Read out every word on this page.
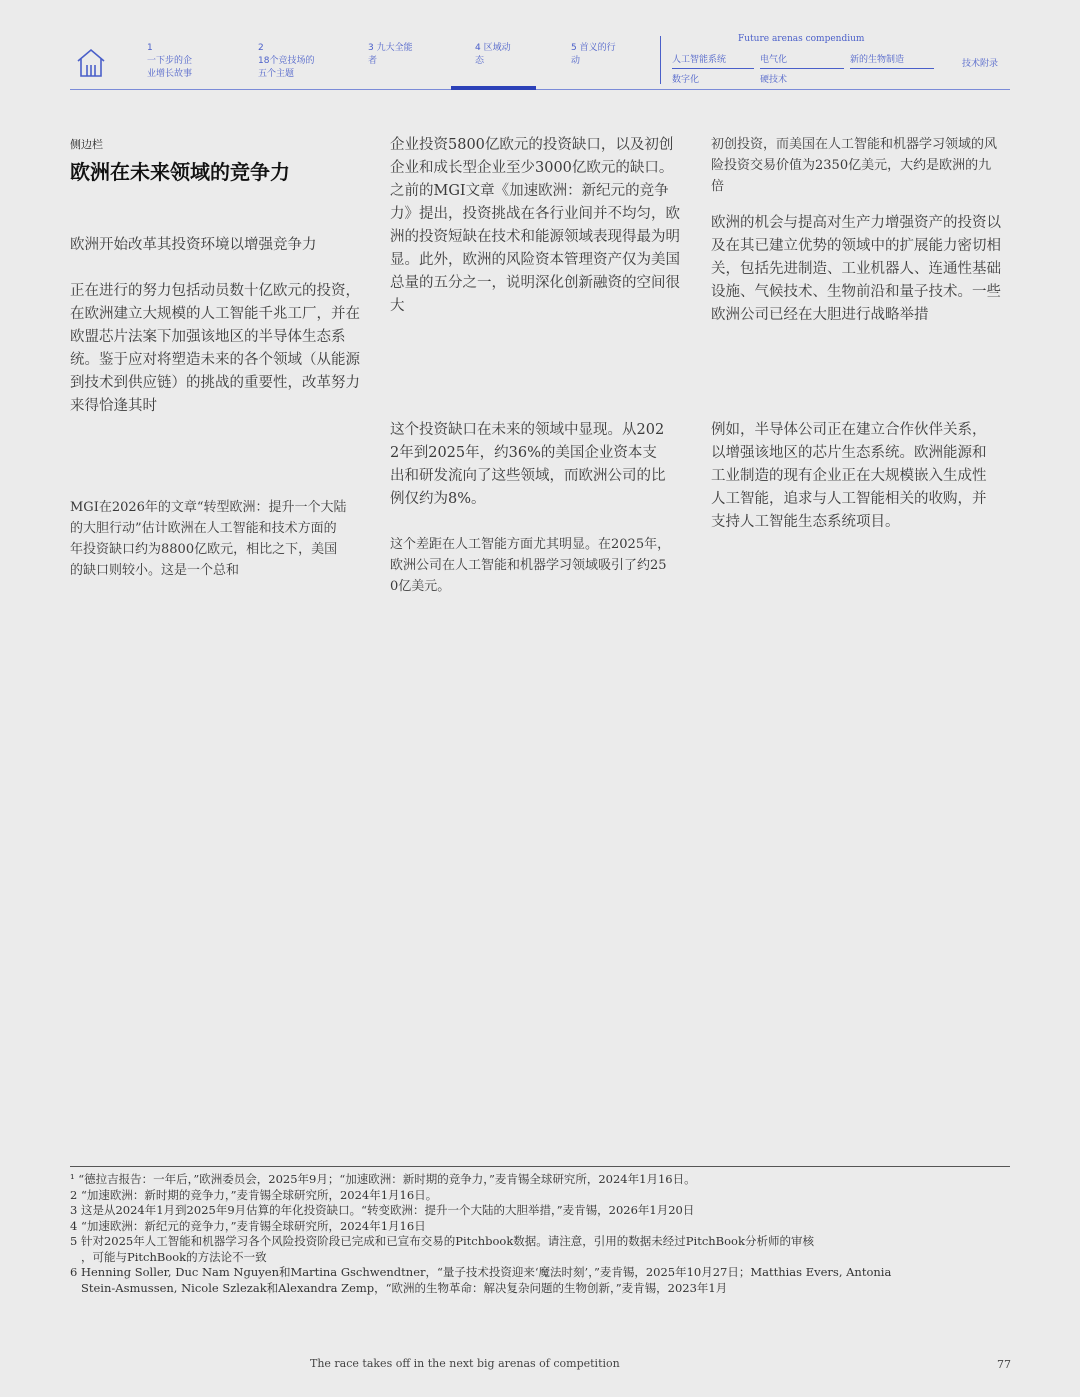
1
一下步的企
业增长故事
2
18个竞技场的
五个主题
3 九大全能
者
4 区域动
态
5 首义的行
动
Future arenas compendium
人工智能系统	电气化	新的生物制造
数字化	硬技术
技术附录
侧边栏
欧洲在未来领域的竞争力
欧洲开始改革其投资环境以增强竞争力
正在进行的努力包括动员数十亿欧元的投资，在欧洲建立大规模的人工智能千兆工厂，并在欧盟芯片法案下加强该地区的半导体生态系统。鉴于应对将塑造未来的各个领域（从能源到技术到供应链）的挑战的重要性，改革努力来得恰逢其时
MGI在2026年的文章“转型欧洲：提升一个大陆的大胆行动”估计欧洲在人工智能和技术方面的年投资缺口约为8800亿欧元，相比之下，美国的缺口则较小。这是一个总和
企业投资5800亿欧元的投资缺口，以及初创企业和成长型企业至少3000亿欧元的缺口。之前的MGI文章《加速欧洲：新纪元的竞争力》提出，投资挑战在各行业间并不均匀，欧洲的投资短缺在技术和能源领域表现得最为明显。此外，欧洲的风险资本管理资产仅为美国总量的五分之一，说明深化创新融资的空间很大
这个投资缺口在未来的领域中显现。从2022年到2025年，约36%的美国企业资本支出和研发流向了这些领域，而欧洲公司的比例仅约为8%。
这个差距在人工智能方面尤其明显。在2025年，欧洲公司在人工智能和机器学习领域吸引了约250亿美元。
初创投资，而美国在人工智能和机器学习领域的风险投资交易价值为2350亿美元，大约是欧洲的九倍
欧洲的机会与提高对生产力增强资产的投资以及在其已建立优势的领域中的扩展能力密切相关，包括先进制造、工业机器人、连通性基础设施、气候技术、生物前沿和量子技术。一些欧洲公司已经在大胆进行战略举措
例如，半导体公司正在建立合作伙伴关系，以增强该地区的芯片生态系统。欧洲能源和工业制造的现有企业正在大规模嵌入生成性人工智能，追求与人工智能相关的收购，并支持人工智能生态系统项目。
¹ “德拉吉报告：一年后，”欧洲委员会，2025年9月；“加速欧洲：新时期的竞争力，”麦肯锡全球研究所，2024年1月16日。
2 “加速欧洲：新时期的竞争力，”麦肯锡全球研究所，2024年1月16日。
3 这是从2024年1月到2025年9月估算的年化投资缺口。“转变欧洲：提升一个大陆的大胆举措，”麦肯锡，2026年1月20日
4 “加速欧洲：新纪元的竞争力，”麦肯锡全球研究所，2024年1月16日
5 针对2025年人工智能和机器学习各个风险投资阶段已完成和已宣布交易的Pitchbook数据。请注意，引用的数据未经过PitchBook分析师的审核
，可能与PitchBook的方法论不一致
6 Henning Soller, Duc Nam Nguyen和Martina Gschwendtner，“量子技术投资迎来‘魔法时刻’，”麦肯锡，2025年10月27日；Matthias Evers, Antonia
Stein-Asmussen, Nicole Szlezak和Alexandra Zemp，“欧洲的生物革命：解决复杂问题的生物创新，”麦肯锡，2023年1月
The race takes off in the next big arenas of competition	77
